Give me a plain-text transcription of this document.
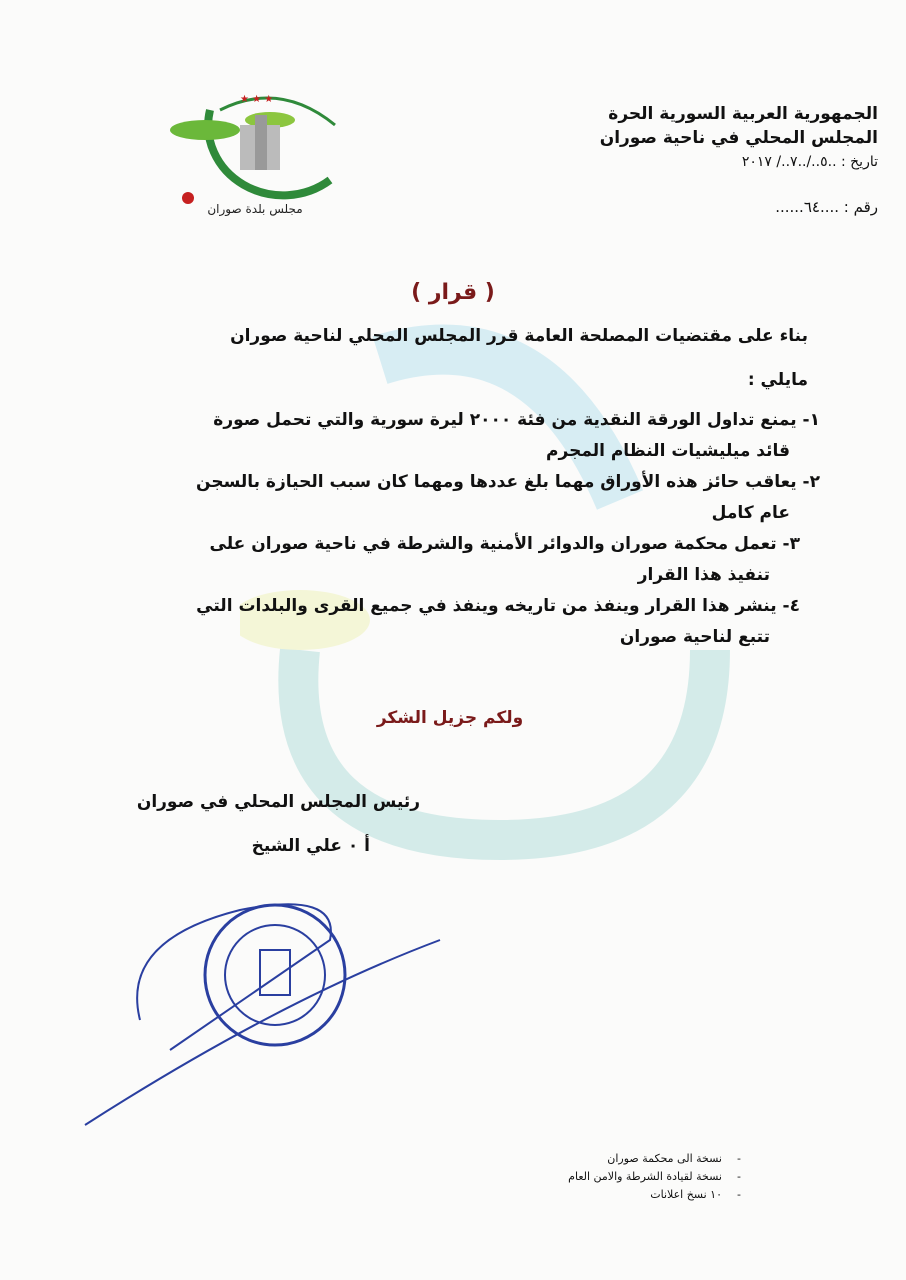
الجمهورية العربية السورية الحرة
المجلس المحلي في ناحية صوران
تاريخ : ..٥../..٧../ ٢٠١٧
رقم : ....٦٤......
★ ★ ★
مجلس بلدة صوران
( قرار )
بناء على مقتضيات المصلحة العامة قرر المجلس المحلي لناحية صوران
مايلي :
١- يمنع تداول الورقة النقدية من فئة ٢٠٠٠ ليرة سورية والتي تحمل صورة
قائد ميليشيات النظام المجرم
٢- يعاقب حائز هذه الأوراق مهما بلغ عددها ومهما كان سبب الحيازة بالسجن
عام كامل
٣- تعمل محكمة صوران والدوائر الأمنية والشرطة في ناحية صوران على
تنفيذ هذا القرار
٤- ينشر هذا القرار وينفذ من تاريخه وينفذ في جميع القرى والبلدات التي
تتبع لناحية صوران
ولكم جزيل الشكر
رئيس المجلس المحلي في صوران
أ ٠ علي الشيخ
-نسخة الى محكمة صوران
-نسخة لقيادة الشرطة والامن العام
-١٠ نسخ اعلانات
